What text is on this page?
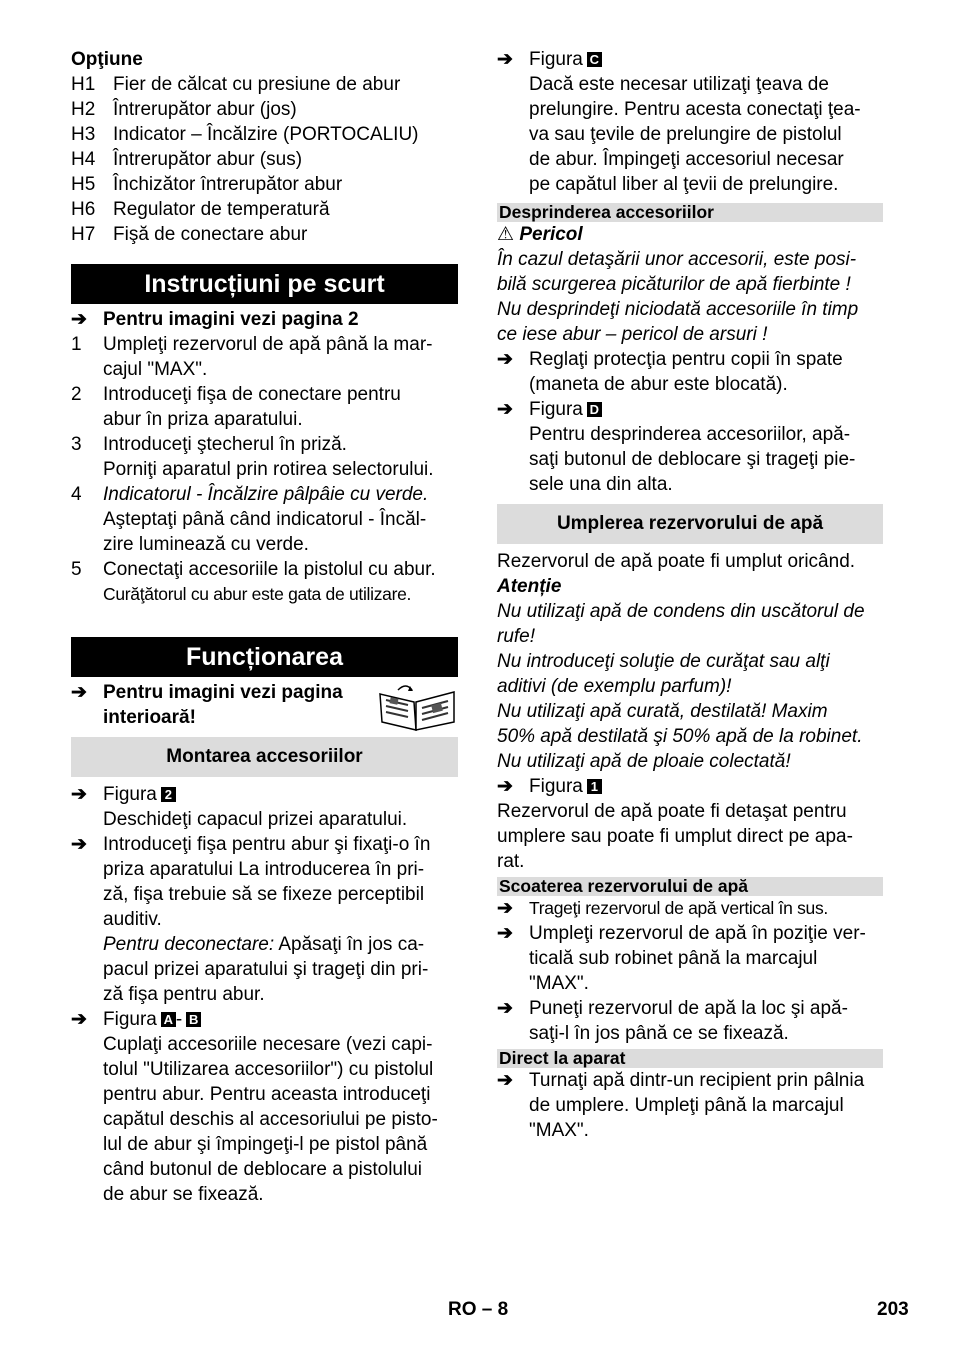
Opţiune
H1 Fier de călcat cu presiune de abur
H2 Întrerupător abur (jos)
H3 Indicator – Încălzire (PORTOCALIU)
H4 Întrerupător abur (sus)
H5 Închizător întrerupător abur
H6 Regulator de temperatură
H7 Fişă de conectare abur
Instrucțiuni pe scurt
➔ Pentru imagini vezi pagina 2
1	Umpleţi rezervorul de apă până la mar-
cajul "MAX".
2	Introduceţi fişa de conectare pentru
abur în priza aparatului.
3	Introduceţi ştecherul în priză.
Porniţi aparatul prin rotirea selectorului.
4	Indicatorul - Încălzire pâlpâie cu verde.
Aşteptaţi până când indicatorul - Încăl-
zire luminează cu verde.
5	Conectaţi accesoriile la pistolul cu abur.
Curăţătorul cu abur este gata de utilizare.
Funcționarea
➔ Pentru imagini vezi pagina
interioară!
Montarea accesoriilor
➔ Figura 2
Deschideţi capacul prizei aparatului.
➔ Introduceţi fişa pentru abur şi fixaţi-o în
priza aparatului La introducerea în pri-
ză, fişa trebuie să se fixeze perceptibil
auditiv.
Pentru deconectare: Apăsaţi în jos ca-
pacul prizei aparatului şi trageţi din pri-
ză fişa pentru abur.
➔ Figura A - B
Cuplaţi accesoriile necesare (vezi capi-
tolul "Utilizarea accesoriilor") cu pistolul
pentru abur. Pentru aceasta introduceţi
capătul deschis al accesoriului pe pisto-
lul de abur şi împingeţi-l pe pistol până
când butonul de deblocare a pistolului
de abur se fixează.
➔ Figura C
Dacă este necesar utilizaţi ţeava de
prelungire. Pentru acesta conectaţi ţea-
va sau ţevile de prelungire de pistolul
de abur. Împingeţi accesoriul necesar
pe capătul liber al ţevii de prelungire.
Desprinderea accesoriilor
⚠ Pericol
În cazul detaşării unor accesorii, este posi-
bilă scurgerea picăturilor de apă fierbinte !
Nu desprindeţi niciodată accesoriile în timp
ce iese abur – pericol de arsuri !
➔ Reglaţi protecţia pentru copii în spate
(maneta de abur este blocată).
➔ Figura D
Pentru desprinderea accesoriilor, apă-
saţi butonul de deblocare şi trageţi pie-
sele una din alta.
Umplerea rezervorului de apă
Rezervorul de apă poate fi umplut oricând.
Atenție
Nu utilizaţi apă de condens din uscătorul de
rufe!
Nu introduceţi soluţie de curăţat sau alţi
aditivi (de exemplu parfum)!
Nu utilizaţi apă curată, destilată! Maxim
50% apă destilată şi 50% apă de la robinet.
Nu utilizaţi apă de ploaie colectată!
➔ Figura 1
Rezervorul de apă poate fi detaşat pentru
umplere sau poate fi umplut direct pe apa-
rat.
Scoaterea rezervorului de apă
➔ Trageţi rezervorul de apă vertical în sus.
➔ Umpleţi rezervorul de apă în poziţie ver-
ticală sub robinet până la marcajul
"MAX".
➔ Puneţi rezervorul de apă la loc şi apă-
saţi-l în jos până ce se fixează.
Direct la aparat
➔ Turnaţi apă dintr-un recipient prin pâlnia
de umplere. Umpleţi până la marcajul
"MAX".
RO – 8	203
